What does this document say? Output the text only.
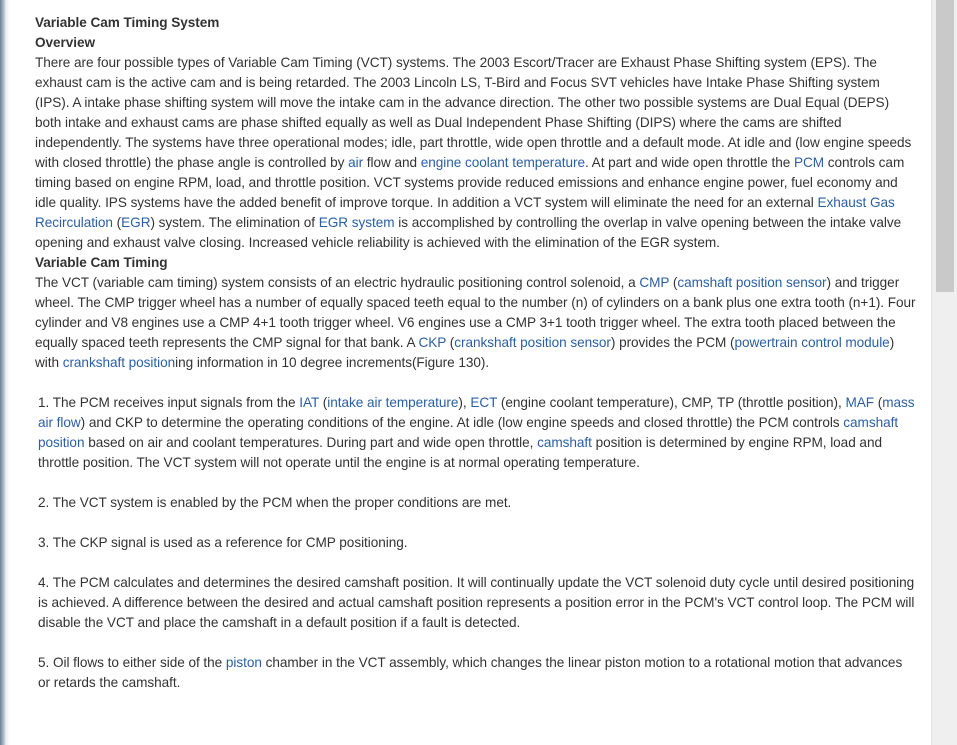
Variable Cam Timing System
Overview

There are four possible types of Variable Cam Timing (VCT) systems. The 2003 Escort/Tracer are Exhaust Phase Shifting system (EPS). The exhaust cam is the active cam and is being retarded. The 2003 Lincoln LS, T-Bird and Focus SVT vehicles have Intake Phase Shifting system (IPS). A intake phase shifting system will move the intake cam in the advance direction. The other two possible systems are Dual Equal (DEPS) both intake and exhaust cams are phase shifted equally as well as Dual Independent Phase Shifting (DIPS) where the cams are shifted independently. The systems have three operational modes; idle, part throttle, wide open throttle and a default mode. At idle and (low engine speeds with closed throttle) the phase angle is controlled by air flow and engine coolant temperature. At part and wide open throttle the PCM controls cam timing based on engine RPM, load, and throttle position. VCT systems provide reduced emissions and enhance engine power, fuel economy and idle quality. IPS systems have the added benefit of improve torque. In addition a VCT system will eliminate the need for an external Exhaust Gas Recirculation (EGR) system. The elimination of EGR system is accomplished by controlling the overlap in valve opening between the intake valve opening and exhaust valve closing. Increased vehicle reliability is achieved with the elimination of the EGR system.

Variable Cam Timing

The VCT (variable cam timing) system consists of an electric hydraulic positioning control solenoid, a CMP (camshaft position sensor) and trigger wheel. The CMP trigger wheel has a number of equally spaced teeth equal to the number (n) of cylinders on a bank plus one extra tooth (n+1). Four cylinder and V8 engines use a CMP 4+1 tooth trigger wheel. V6 engines use a CMP 3+1 tooth trigger wheel. The extra tooth placed between the equally spaced teeth represents the CMP signal for that bank. A CKP (crankshaft position sensor) provides the PCM (powertrain control module) with crankshaft positioning information in 10 degree increments(Figure 130).

1. The PCM receives input signals from the IAT (intake air temperature), ECT (engine coolant temperature), CMP, TP (throttle position), MAF (mass air flow) and CKP to determine the operating conditions of the engine. At idle (low engine speeds and closed throttle) the PCM controls camshaft position based on air and coolant temperatures. During part and wide open throttle, camshaft position is determined by engine RPM, load and throttle position. The VCT system will not operate until the engine is at normal operating temperature.

2. The VCT system is enabled by the PCM when the proper conditions are met.

3. The CKP signal is used as a reference for CMP positioning.

4. The PCM calculates and determines the desired camshaft position. It will continually update the VCT solenoid duty cycle until desired positioning is achieved. A difference between the desired and actual camshaft position represents a position error in the PCM's VCT control loop. The PCM will disable the VCT and place the camshaft in a default position if a fault is detected.

5. Oil flows to either side of the piston chamber in the VCT assembly, which changes the linear piston motion to a rotational motion that advances or retards the camshaft.
